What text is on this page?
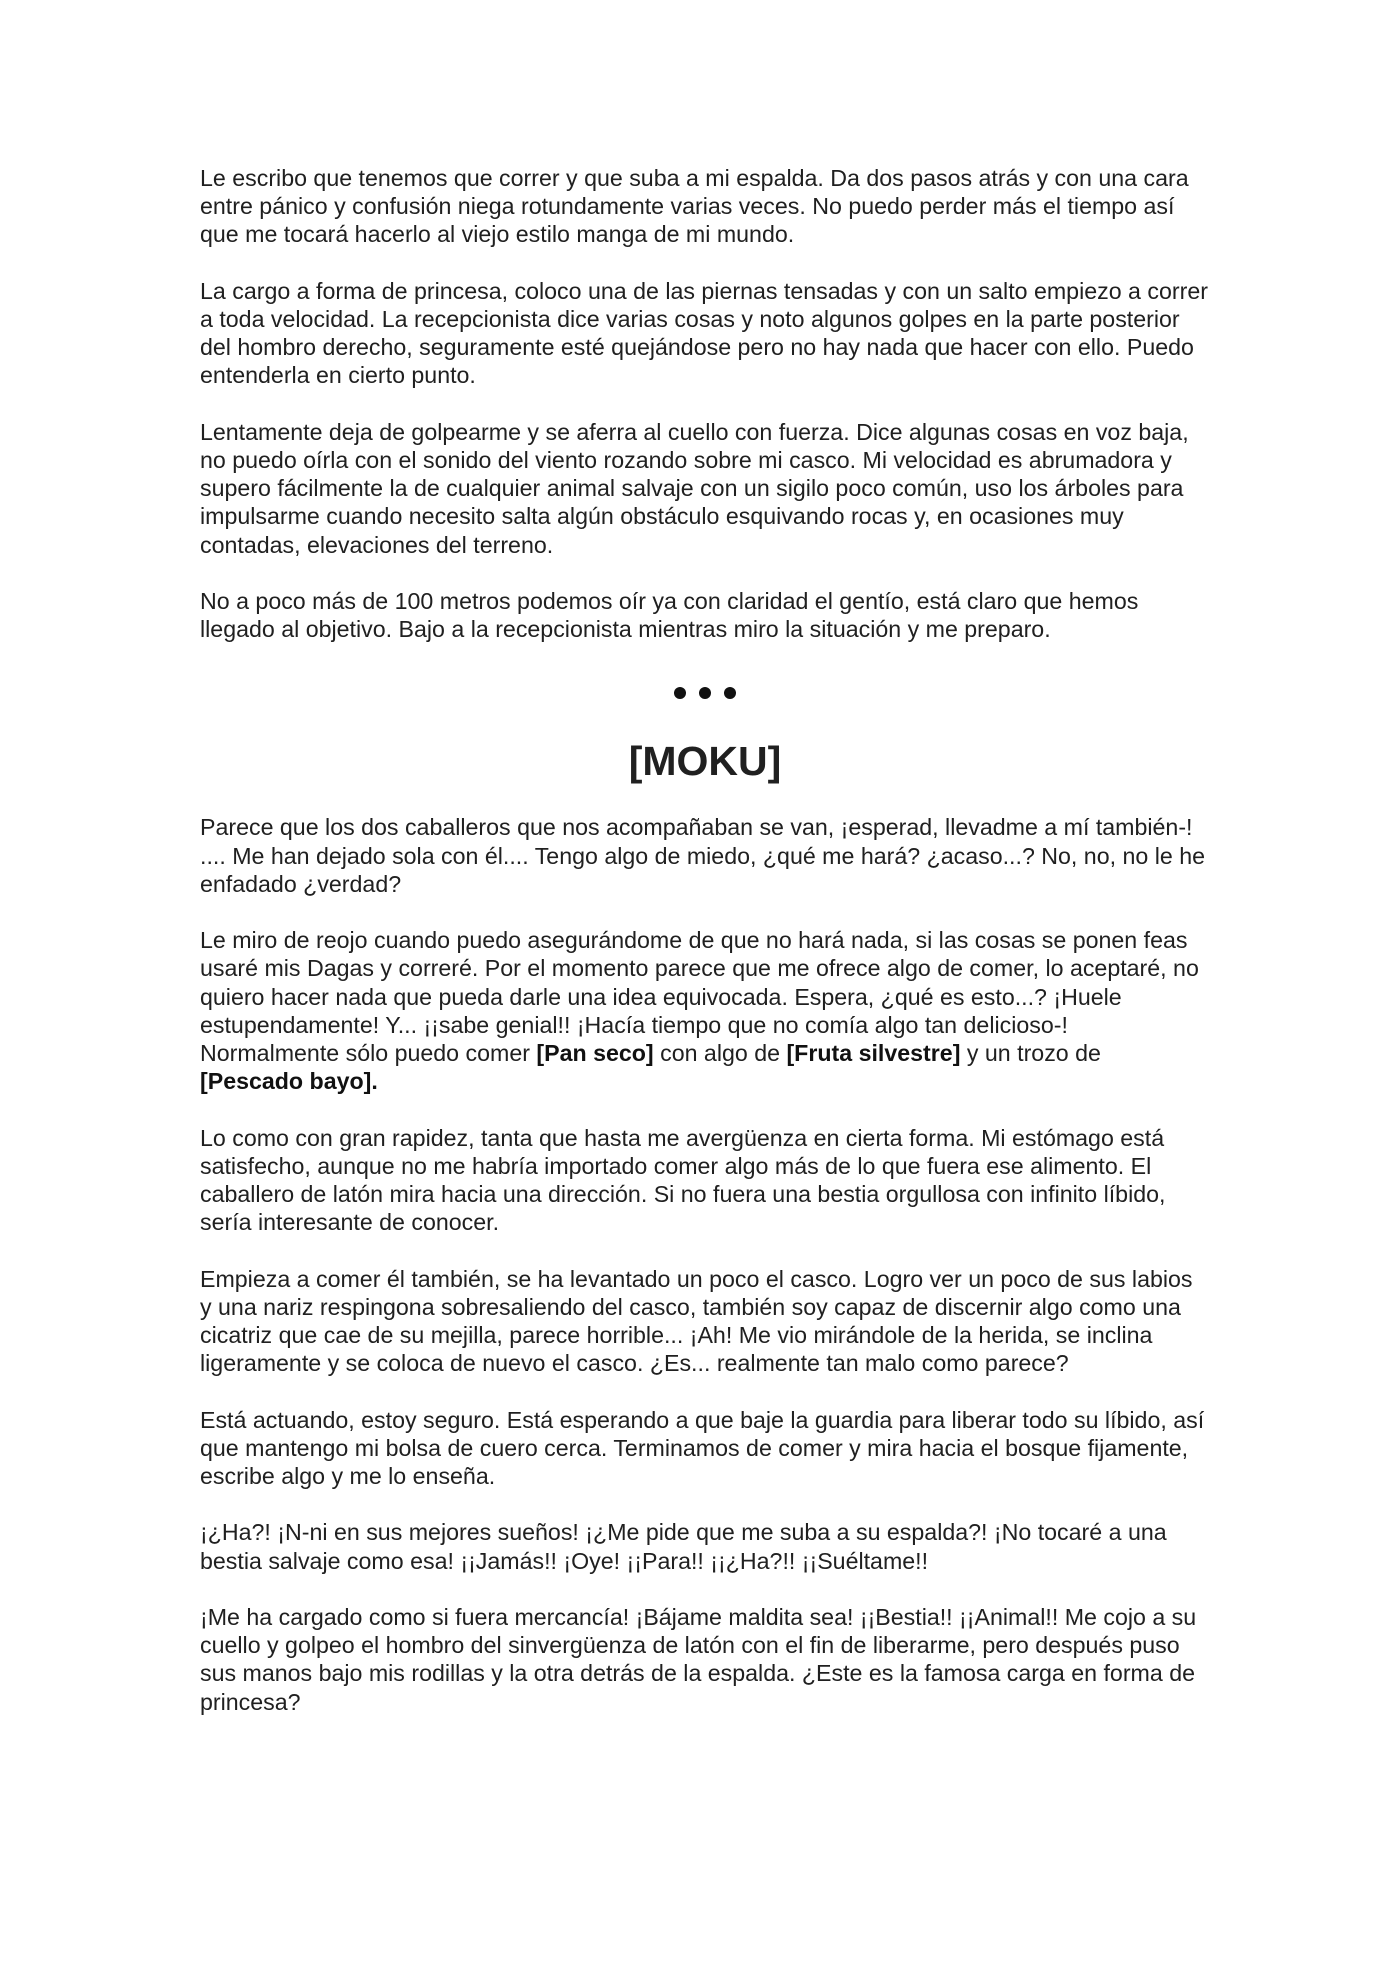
Le escribo que tenemos que correr y que suba a mi espalda. Da dos pasos atrás y con una cara entre pánico y confusión niega rotundamente varias veces. No puedo perder más el tiempo así que me tocará hacerlo al viejo estilo manga de mi mundo.

La cargo a forma de princesa, coloco una de las piernas tensadas y con un salto empiezo a correr a toda velocidad. La recepcionista dice varias cosas y noto algunos golpes en la parte posterior del hombro derecho, seguramente esté quejándose pero no hay nada que hacer con ello. Puedo entenderla en cierto punto.

Lentamente deja de golpearme y se aferra al cuello con fuerza. Dice algunas cosas en voz baja, no puedo oírla con el sonido del viento rozando sobre mi casco. Mi velocidad es abrumadora y supero fácilmente la de cualquier animal salvaje con un sigilo poco común, uso los árboles para impulsarme cuando necesito salta algún obstáculo esquivando rocas y, en ocasiones muy contadas, elevaciones del terreno.

No a poco más de 100 metros podemos oír ya con claridad el gentío, está claro que hemos llegado al objetivo. Bajo a la recepcionista mientras miro la situación y me preparo.

[MOKU]

Parece que los dos caballeros que nos acompañaban se van, ¡esperad, llevadme a mí también-! .... Me han dejado sola con él.... Tengo algo de miedo, ¿qué me hará? ¿acaso...? No, no, no le he enfadado ¿verdad?

Le miro de reojo cuando puedo asegurándome de que no hará nada, si las cosas se ponen feas usaré mis Dagas y correré. Por el momento parece que me ofrece algo de comer, lo aceptaré, no quiero hacer nada que pueda darle una idea equivocada. Espera, ¿qué es esto...? ¡Huele estupendamente! Y... ¡¡sabe genial!! ¡Hacía tiempo que no comía algo tan delicioso-! Normalmente sólo puedo comer [Pan seco] con algo de [Fruta silvestre] y un trozo de [Pescado bayo].

Lo como con gran rapidez, tanta que hasta me avergüenza en cierta forma. Mi estómago está satisfecho, aunque no me habría importado comer algo más de lo que fuera ese alimento. El caballero de latón mira hacia una dirección. Si no fuera una bestia orgullosa con infinito líbido, sería interesante de conocer.

Empieza a comer él también, se ha levantado un poco el casco. Logro ver un poco de sus labios y una nariz respingona sobresaliendo del casco, también soy capaz de discernir algo como una cicatriz que cae de su mejilla, parece horrible... ¡Ah! Me vio mirándole de la herida, se inclina ligeramente y se coloca de nuevo el casco. ¿Es... realmente tan malo como parece?

Está actuando, estoy seguro. Está esperando a que baje la guardia para liberar todo su líbido, así que mantengo mi bolsa de cuero cerca. Terminamos de comer y mira hacia el bosque fijamente, escribe algo y me lo enseña.

¡¿Ha?! ¡N-ni en sus mejores sueños! ¡¿Me pide que me suba a su espalda?! ¡No tocaré a una bestia salvaje como esa! ¡¡Jamás!! ¡Oye! ¡¡Para!! ¡¡¿Ha?!! ¡¡Suéltame!!

¡Me ha cargado como si fuera mercancía! ¡Bájame maldita sea! ¡¡Bestia!! ¡¡Animal!! Me cojo a su cuello y golpeo el hombro del sinvergüenza de latón con el fin de liberarme, pero después puso sus manos bajo mis rodillas y la otra detrás de la espalda. ¿Este es la famosa carga en forma de princesa?
